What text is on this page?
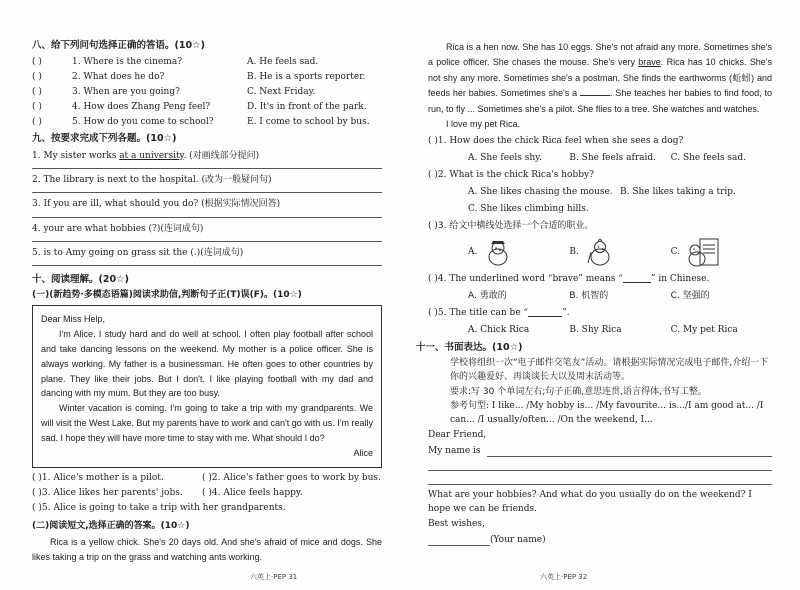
八、给下列问句选择正确的答语。(10☆)
( )	1. Where is the cinema?	A. He feels sad.
( )	2. What does he do?	B. He is a sports reporter.
( )	3. When are you going?	C. Next Friday.
( )	4. How does Zhang Peng feel?	D. It's in front of the park.
( )	5. How do you come to school?	E. I come to school by bus.
九、按要求完成下列各题。(10☆)
1. My sister works at a university. (对画线部分提问)
2. The library is next to the hospital. (改为一般疑问句)
3. If you are ill, what should you do? (根据实际情况回答)
4. your are what hobbies (?)(连词成句)
5. is to Amy going on grass sit the (.)(连词成句)
十、阅读理解。(20☆)
(一)(新趋势·多模态语篇)阅读求助信,判断句子正(T)误(F)。(10☆)
Dear Miss Help,
I'm Alice. I study hard and do well at school. I often play football after school and take dancing lessons on the weekend. My mother is a police officer. She is always working. My father is a businessman. He often goes to other countries by plane. They like their jobs. But I don't. I like playing football with my dad and dancing with my mum. But they are too busy.
Winter vacation is coming. I'm going to take a trip with my grandparents. We will visit the West Lake. But my parents have to work and can't go with us. I'm really sad. I hope they will have more time to stay with me. What should I do?
Alice
( )1. Alice's mother is a pilot.	( )2. Alice's father goes to work by bus.
( )3. Alice likes her parents' jobs.	( )4. Alice feels happy.
( )5. Alice is going to take a trip with her grandparents.
(二)阅读短文,选择正确的答案。(10☆)
Rica is a yellow chick. She's 20 days old. And she's afraid of mice and dogs. She likes taking a trip on the grass and watching ants working.
六英上·PEP 31
Rica is a hen now. She has 10 eggs. She's not afraid any more. Sometimes she's a police officer. She chases the mouse. She's very brave. Rica has 10 chicks. She's not shy any more. Sometimes she's a postman. She finds the earthworms (蚯蚓) and feeds her babies. Sometimes she's a	. She teaches her babies to find food, to run, to fly ... Sometimes she's a pilot. She flies to a tree. She watches and watches.
I love my pet Rica.
( )1. How does the chick Rica feel when she sees a dog?
A. She feels shy.	B. She feels afraid.	C. She feels sad.
( )2. What is the chick Rica's hobby?
A. She likes chasing the mouse. B. She likes taking a trip.
C. She likes climbing hills.
( )3. 给文中横线处选择一个合适的职业。
A.	B.	C.
( )4. The underlined word “brave” means “	” in Chinese.
A. 勇敢的	B. 机智的	C. 坚强的
( )5. The title can be “	”.
A. Chick Rica	B. Shy Rica	C. My pet Rica
十一、书面表达。(10☆)

学校将组织一次“电子邮件交笔友”活动。请根据实际情况完成电子邮件,介绍一下你的兴趣爱好、再谈谈长大以及周末活动等。

要求:写 30 个单词左右;句子正确,意思连贯,语言得体,书写工整。

参考句型: I like... /My hobby is... /My favourite... is.../I am good at... /I can... /I usually/often... /On the weekend, I...

Dear Friend,

My name is

What are your hobbies? And what do you usually do on the weekend? I hope we can be friends.

Best wishes,

(Your name)
六英上·PEP 32
